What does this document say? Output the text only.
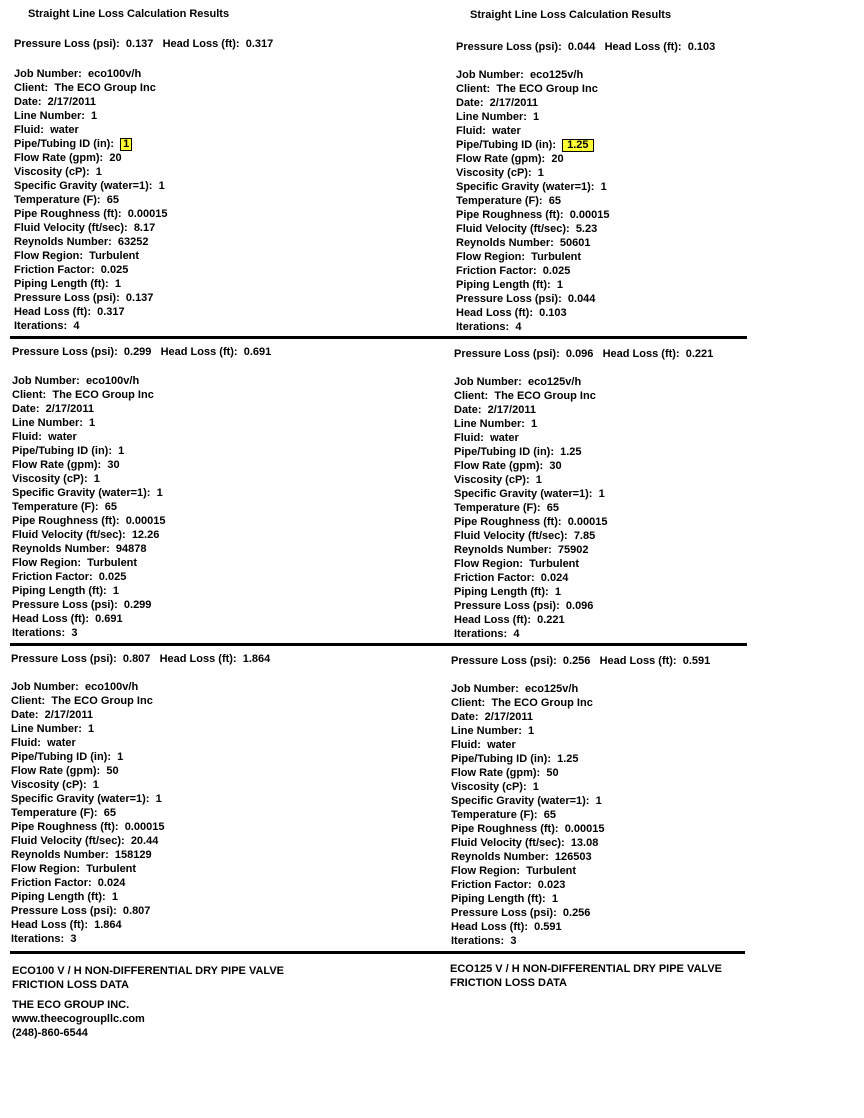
Straight Line Loss Calculation Results
Pressure Loss (psi): 0.137 Head Loss (ft): 0.317
Job Number: eco100v/h
Client: The ECO Group Inc
Date: 2/17/2011
Line Number: 1
Fluid: water
Pipe/Tubing ID (in): 1
Flow Rate (gpm): 20
Viscosity (cP): 1
Specific Gravity (water=1): 1
Temperature (F): 65
Pipe Roughness (ft): 0.00015
Fluid Velocity (ft/sec): 8.17
Reynolds Number: 63252
Flow Region: Turbulent
Friction Factor: 0.025
Piping Length (ft): 1
Pressure Loss (psi): 0.137
Head Loss (ft): 0.317
Iterations: 4
Pressure Loss (psi): 0.299 Head Loss (ft): 0.691
Job Number: eco100v/h
Client: The ECO Group Inc
Date: 2/17/2011
Line Number: 1
Fluid: water
Pipe/Tubing ID (in): 1
Flow Rate (gpm): 30
Viscosity (cP): 1
Specific Gravity (water=1): 1
Temperature (F): 65
Pipe Roughness (ft): 0.00015
Fluid Velocity (ft/sec): 12.26
Reynolds Number: 94878
Flow Region: Turbulent
Friction Factor: 0.025
Piping Length (ft): 1
Pressure Loss (psi): 0.299
Head Loss (ft): 0.691
Iterations: 3
Pressure Loss (psi): 0.807 Head Loss (ft): 1.864
Job Number: eco100v/h
Client: The ECO Group Inc
Date: 2/17/2011
Line Number: 1
Fluid: water
Pipe/Tubing ID (in): 1
Flow Rate (gpm): 50
Viscosity (cP): 1
Specific Gravity (water=1): 1
Temperature (F): 65
Pipe Roughness (ft): 0.00015
Fluid Velocity (ft/sec): 20.44
Reynolds Number: 158129
Flow Region: Turbulent
Friction Factor: 0.024
Piping Length (ft): 1
Pressure Loss (psi): 0.807
Head Loss (ft): 1.864
Iterations: 3
ECO100 V / H NON-DIFFERENTIAL DRY PIPE VALVE
FRICTION LOSS DATA
Straight Line Loss Calculation Results
Pressure Loss (psi): 0.044 Head Loss (ft): 0.103
Job Number: eco125v/h
Client: The ECO Group Inc
Date: 2/17/2011
Line Number: 1
Fluid: water
Pipe/Tubing ID (in): 1.25
Flow Rate (gpm): 20
Viscosity (cP): 1
Specific Gravity (water=1): 1
Temperature (F): 65
Pipe Roughness (ft): 0.00015
Fluid Velocity (ft/sec): 5.23
Reynolds Number: 50601
Flow Region: Turbulent
Friction Factor: 0.025
Piping Length (ft): 1
Pressure Loss (psi): 0.044
Head Loss (ft): 0.103
Iterations: 4
Pressure Loss (psi): 0.096 Head Loss (ft): 0.221
Job Number: eco125v/h
Client: The ECO Group Inc
Date: 2/17/2011
Line Number: 1
Fluid: water
Pipe/Tubing ID (in): 1.25
Flow Rate (gpm): 30
Viscosity (cP): 1
Specific Gravity (water=1): 1
Temperature (F): 65
Pipe Roughness (ft): 0.00015
Fluid Velocity (ft/sec): 7.85
Reynolds Number: 75902
Flow Region: Turbulent
Friction Factor: 0.024
Piping Length (ft): 1
Pressure Loss (psi): 0.096
Head Loss (ft): 0.221
Iterations: 4
Pressure Loss (psi): 0.256 Head Loss (ft): 0.591
Job Number: eco125v/h
Client: The ECO Group Inc
Date: 2/17/2011
Line Number: 1
Fluid: water
Pipe/Tubing ID (in): 1.25
Flow Rate (gpm): 50
Viscosity (cP): 1
Specific Gravity (water=1): 1
Temperature (F): 65
Pipe Roughness (ft): 0.00015
Fluid Velocity (ft/sec): 13.08
Reynolds Number: 126503
Flow Region: Turbulent
Friction Factor: 0.023
Piping Length (ft): 1
Pressure Loss (psi): 0.256
Head Loss (ft): 0.591
Iterations: 3
ECO125 V / H NON-DIFFERENTIAL DRY PIPE VALVE
FRICTION LOSS DATA
THE ECO GROUP INC.
www.theecogroupllc.com
(248)-860-6544
